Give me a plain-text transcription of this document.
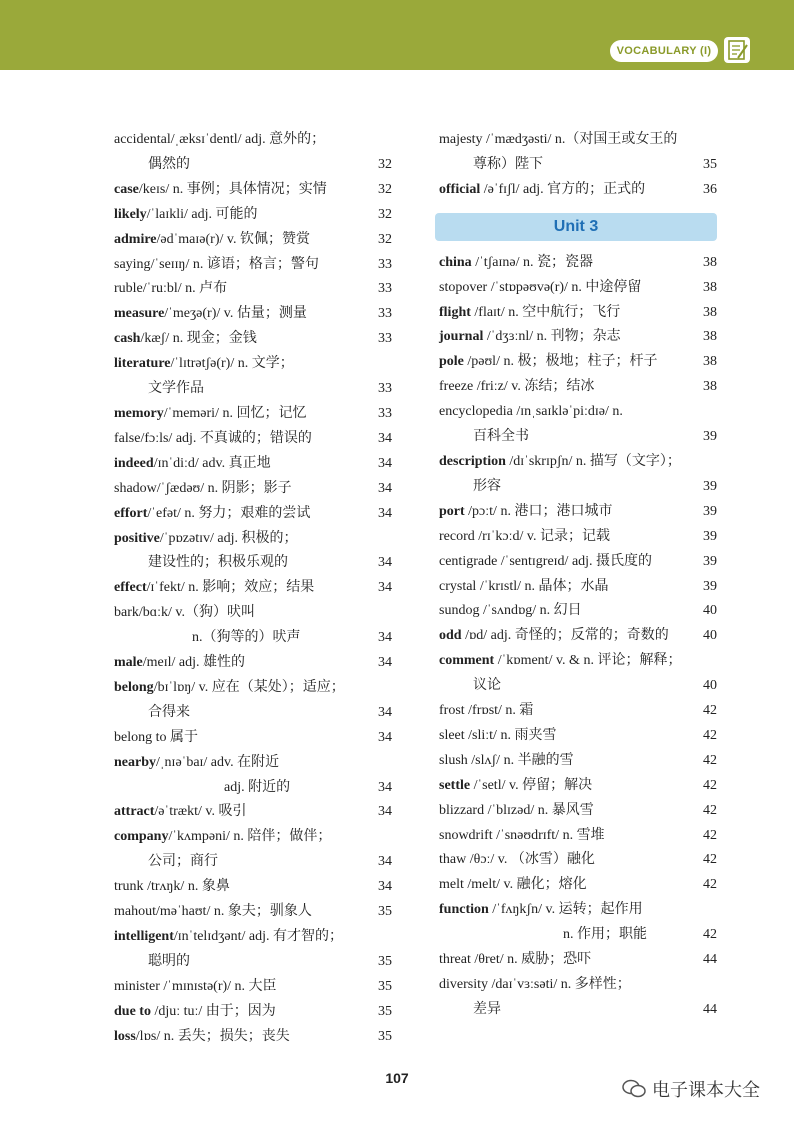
VOCABULARY (I)
accidental/ˌæksɪˈdentl/ adj. 意外的；
偶然的	32
case/keɪs/ n. 事例；具体情况；实情	32
likely/ˈlaɪkli/ adj. 可能的	32
admire/ədˈmaɪə(r)/ v. 钦佩；赞赏	32
saying/ˈseɪɪŋ/ n. 谚语；格言；警句	33
ruble/ˈruːbl/ n. 卢布	33
measure/ˈmeʒə(r)/ v. 估量；测量	33
cash/kæʃ/ n. 现金；金钱	33
literature/ˈlɪtrətʃə(r)/ n. 文学；
文学作品	33
memory/ˈmeməri/ n. 回忆；记忆	33
false/fɔːls/ adj. 不真诚的；错误的	34
indeed/ɪnˈdiːd/ adv. 真正地	34
shadow/ˈʃædəʊ/ n. 阴影；影子	34
effort/ˈefət/ n. 努力；艰难的尝试	34
positive/ˈpɒzətɪv/ adj. 积极的；
建设性的；积极乐观的	34
effect/ɪˈfekt/ n. 影响；效应；结果	34
bark/bɑːk/ v.（狗）吠叫
n.（狗等的）吠声	34
male/meɪl/ adj. 雄性的	34
belong/bɪˈlɒŋ/ v. 应在（某处）；适应；
合得来	34
belong to 属于	34
nearby/ˌnɪəˈbaɪ/ adv. 在附近
adj. 附近的	34
attract/əˈtrækt/ v. 吸引	34
company/ˈkʌmpəni/ n. 陪伴；做伴；
公司；商行	34
trunk /trʌŋk/ n. 象鼻	34
mahout/məˈhaʊt/ n. 象夫；驯象人	35
intelligent/ɪnˈtelɪdʒənt/ adj. 有才智的；
聪明的	35
minister /ˈmɪnɪstə(r)/ n. 大臣	35
due to /djuː tuː/ 由于；因为	35
loss/lɒs/ n. 丢失；损失；丧失	35
majesty /ˈmædʒəsti/ n.（对国王或女王的
尊称）陛下	35
official /əˈfɪʃl/ adj. 官方的；正式的	36
Unit 3
china /ˈtʃaɪnə/ n. 瓷；瓷器	38
stopover /ˈstɒpəʊvə(r)/ n. 中途停留	38
flight /flaɪt/ n. 空中航行；飞行	38
journal /ˈdʒɜːnl/ n. 刊物；杂志	38
pole /pəʊl/ n. 极；极地；柱子；杆子	38
freeze /friːz/ v. 冻结；结冰	38
encyclopedia /ɪnˌsaɪkləˈpiːdɪə/ n.
百科全书	39
description /dɪˈskrɪpʃn/ n. 描写（文字）；
形容	39
port /pɔːt/ n. 港口；港口城市	39
record /rɪˈkɔːd/ v. 记录；记载	39
centigrade /ˈsentɪgreɪd/ adj. 摄氏度的	39
crystal /ˈkrɪstl/ n. 晶体；水晶	39
sundog /ˈsʌndɒg/ n. 幻日	40
odd /ɒd/ adj. 奇怪的；反常的；奇数的 40
comment /ˈkɒment/ v. & n. 评论；解释；
议论	40
frost /frɒst/ n. 霜	42
sleet /sliːt/ n. 雨夹雪	42
slush /slʌʃ/ n. 半融的雪	42
settle /ˈsetl/ v. 停留；解决	42
blizzard /ˈblɪzəd/ n. 暴风雪	42
snowdrift /ˈsnəʊdrɪft/ n. 雪堆	42
thaw /θɔː/ v. （冰雪）融化	42
melt /melt/ v. 融化；熔化	42
function /ˈfʌŋkʃn/ v. 运转；起作用
n. 作用；职能	42
threat /θret/ n. 威胁；恐吓	44
diversity /daɪˈvɜːsəti/ n. 多样性；
差异	44
107
电子课本大全
